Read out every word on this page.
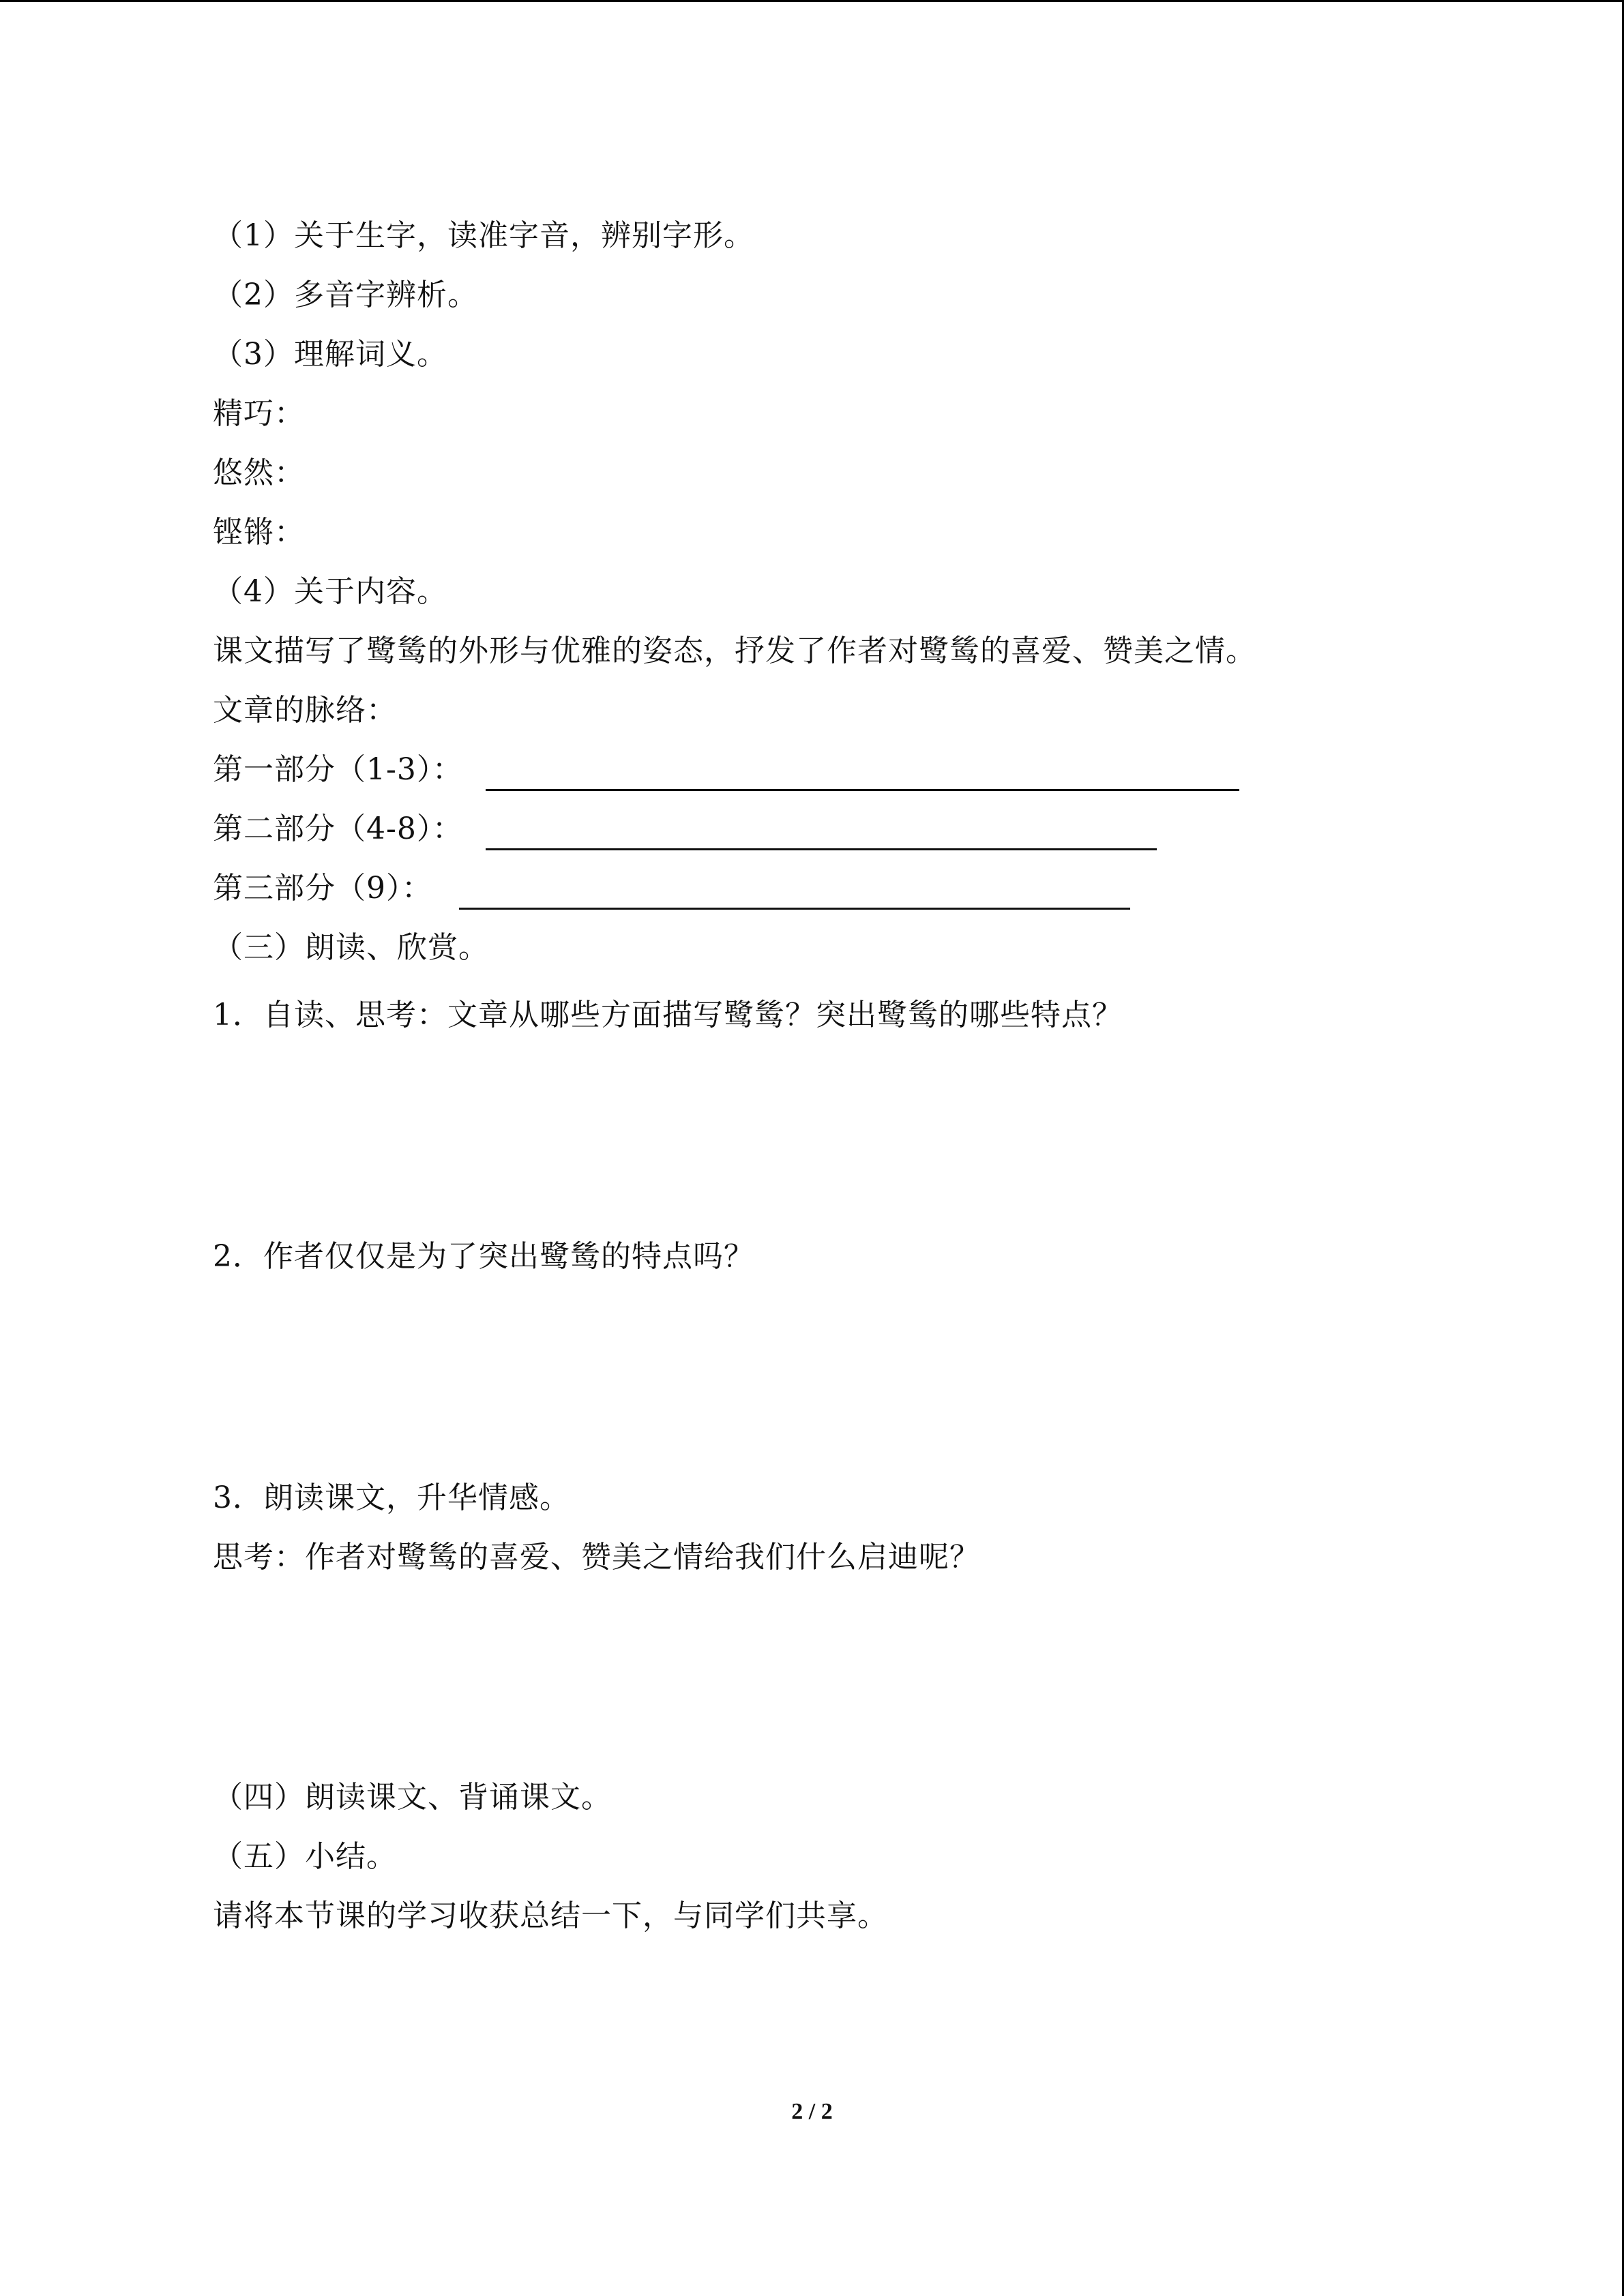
（1）关于生字，读准字音，辨别字形。
（2）多音字辨析。
（3）理解词义。
精巧：
悠然：
铿锵：
（4）关于内容。
课文描写了鹭鸶的外形与优雅的姿态，抒发了作者对鹭鸶的喜爱、赞美之情。
文章的脉络：
第一部分（1-3）：
第二部分（4-8）：
第三部分（9）：
（三）朗读、欣赏。
1．自读、思考：文章从哪些方面描写鹭鸶？突出鹭鸶的哪些特点？
2．作者仅仅是为了突出鹭鸶的特点吗？
3．朗读课文，升华情感。
思考：作者对鹭鸶的喜爱、赞美之情给我们什么启迪呢？
（四）朗读课文、背诵课文。
（五）小结。
请将本节课的学习收获总结一下，与同学们共享。
2 / 2
